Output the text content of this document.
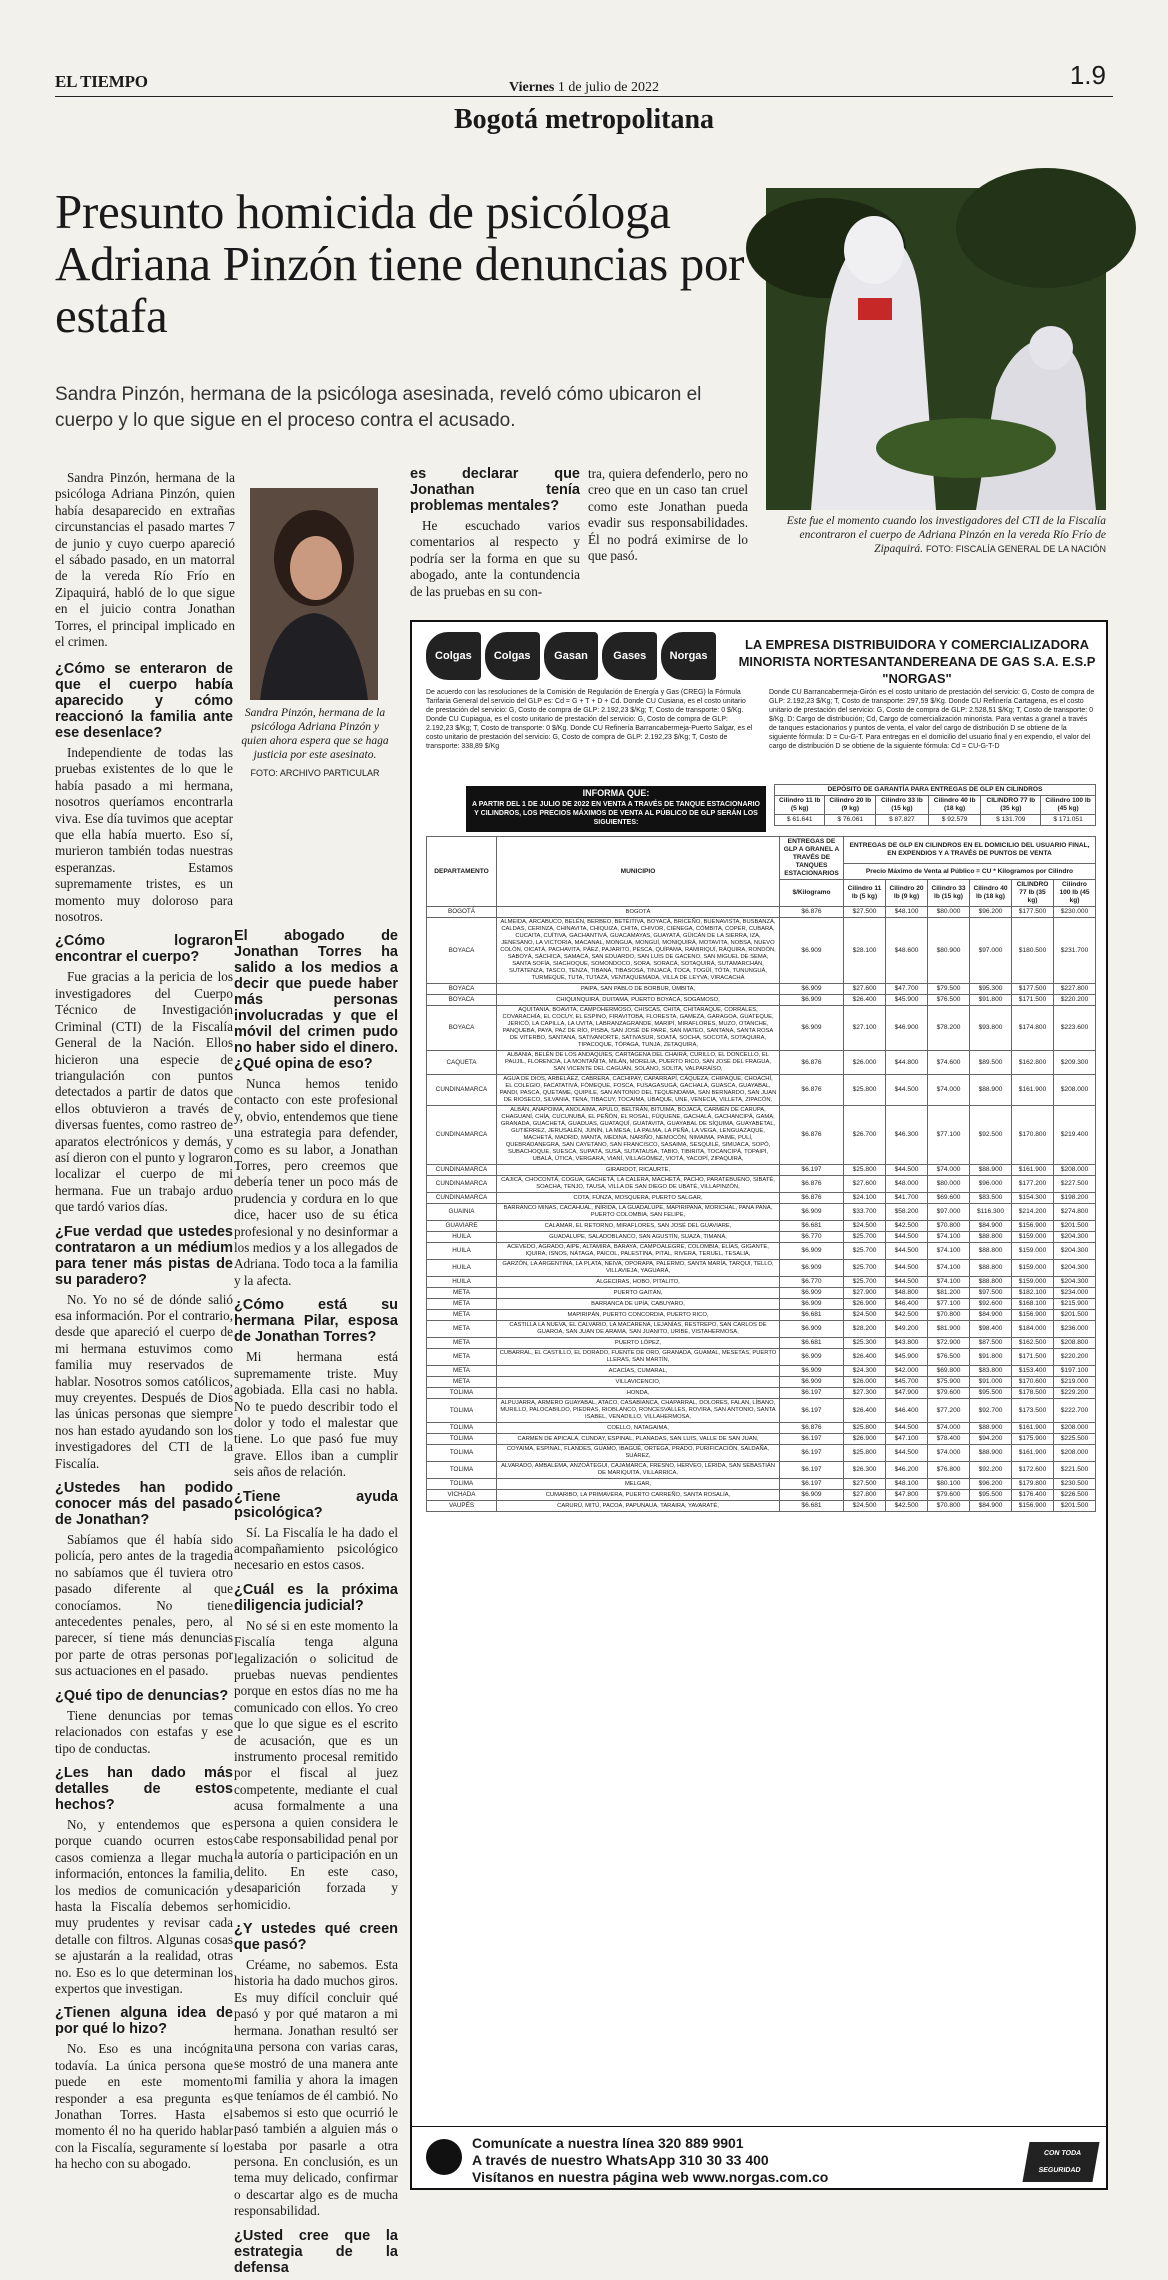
EL TIEMPO	Viernes 1 de julio de 2022	1.9
Bogotá metropolitana
Presunto homicida de psicóloga Adriana Pinzón tiene denuncias por estafa

Sandra Pinzón, hermana de la psicóloga asesinada, reveló cómo ubicaron el cuerpo y lo que sigue en el proceso contra el acusado.

Este fue el momento cuando los investigadores del CTI de la Fiscalía encontraron el cuerpo de Adriana Pinzón en la vereda Río Frío de Zipaquirá. FOTO: FISCALÍA GENERAL DE LA NACIÓN
Sandra Pinzón, hermana de la psicóloga Adriana Pinzón y quien ahora espera que se haga justicia por este asesinato.
FOTO: ARCHIVO PARTICULAR

Sandra Pinzón, hermana de la psicóloga Adriana Pinzón, quien había desaparecido en extrañas circunstancias el pasado martes 7 de junio y cuyo cuerpo apareció el sábado pasado, en un matorral de la vereda Río Frío en Zipaquirá, habló de lo que sigue en el juicio contra Jonathan Torres, el principal implicado en el crimen.

¿Cómo se enteraron de que el cuerpo había aparecido y cómo reaccionó la familia ante ese desenlace?

Independiente de todas las pruebas existentes de lo que le había pasado a mi hermana, nosotros queríamos encontrarla viva. Ese día tuvimos que aceptar que ella había muerto. Eso sí, murieron también todas nuestras esperanzas. Estamos supremamente tristes, es un momento muy doloroso para nosotros.

¿Cómo lograron encontrar el cuerpo?

Fue gracias a la pericia de los investigadores del Cuerpo Técnico de Investigación Criminal (CTI) de la Fiscalía General de la Nación. Ellos hicieron una especie de triangulación con puntos detectados a partir de datos que ellos obtuvieron a través de diversas fuentes, como rastreo de aparatos electrónicos y demás, y así dieron con el punto y lograron localizar el cuerpo de mi hermana. Fue un trabajo arduo que tardó varios días.

¿Fue verdad que ustedes contrataron a un médium para tener más pistas de su paradero?

No. Yo no sé de dónde salió esa información. Por el contrario, desde que apareció el cuerpo de mi hermana estuvimos como familia muy reservados de hablar. Nosotros somos católicos, muy creyentes. Después de Dios las únicas personas que siempre nos han estado ayudando son los investigadores del CTI de la Fiscalía.

¿Ustedes han podido conocer más del pasado de Jonathan?

Sabíamos que él había sido policía, pero antes de la tragedia no sabíamos que él tuviera otro pasado diferente al que conocíamos. No tiene antecedentes penales, pero, al parecer, sí tiene más denuncias por parte de otras personas por sus actuaciones en el pasado.

¿Qué tipo de denuncias?

Tiene denuncias por temas relacionados con estafas y ese tipo de conductas.

¿Les han dado más detalles de estos hechos?

No, y entendemos que es porque cuando ocurren estos casos comienza a llegar mucha información, entonces la familia, los medios de comunicación y hasta la Fiscalía debemos ser muy prudentes y revisar cada detalle con filtros. Algunas cosas se ajustarán a la realidad, otras no. Eso es lo que determinan los expertos que investigan.

¿Tienen alguna idea de por qué lo hizo?

No. Eso es una incógnita todavía. La única persona que puede en este momento responder a esa pregunta es Jonathan Torres. Hasta el momento él no ha querido hablar con la Fiscalía, seguramente sí lo ha hecho con su abogado.

El abogado de Jonathan Torres ha salido a los medios a decir que puede haber más personas involucradas y que el móvil del crimen pudo no haber sido el dinero. ¿Qué opina de eso?

Nunca hemos tenido contacto con este profesional y, obvio, entendemos que tiene una estrategia para defender, como es su labor, a Jonathan Torres, pero creemos que debería tener un poco más de prudencia y cordura en lo que dice, hacer uso de su ética profesional y no desinformar a los medios y a los allegados de Adriana. Todo toca a la familia y la afecta.

¿Cómo está su hermana Pilar, esposa de Jonathan Torres?

Mi hermana está supremamente triste. Muy agobiada. Ella casi no habla. No te puedo describir todo el dolor y todo el malestar que tiene. Lo que pasó fue muy grave. Ellos iban a cumplir seis años de relación.

¿Tiene ayuda psicológica?

Sí. La Fiscalía le ha dado el acompañamiento psicológico necesario en estos casos.

¿Cuál es la próxima diligencia judicial?

No sé si en este momento la Fiscalía tenga alguna legalización o solicitud de pruebas nuevas pendientes porque en estos días no me ha comunicado con ellos. Yo creo que lo que sigue es el escrito de acusación, que es un instrumento procesal remitido por el fiscal al juez competente, mediante el cual acusa formalmente a una persona a quien considera le cabe responsabilidad penal por la autoría o participación en un delito. En este caso, desaparición forzada y homicidio.

¿Y ustedes qué creen que pasó?

Créame, no sabemos. Esta historia ha dado muchos giros. Es muy difícil concluir qué pasó y por qué mataron a mi hermana. Jonathan resultó ser una persona con varias caras, se mostró de una manera ante mi familia y ahora la imagen que teníamos de él cambió. No sabemos si esto que ocurrió le pasó también a alguien más o estaba por pasarle a otra persona. En conclusión, es un tema muy delicado, confirmar o descartar algo es de mucha responsabilidad.

¿Usted cree que la estrategia de la defensa
es declarar que Jonathan tenía problemas mentales?

He escuchado varios comentarios al respecto y podría ser la forma en que su abogado, ante la contundencia de las pruebas en su con-

tra, quiera defenderlo, pero no creo que en un caso tan cruel como este Jonathan pueda evadir sus responsabilidades. Él no podrá eximirse de lo que pasó.

Colgas	Colgas	Gasan	Gases	Norgas
LA EMPRESA DISTRIBUIDORA Y COMERCIALIZADORA MINORISTA NORTESANTANDEREANA DE GAS S.A. E.S.P "NORGAS"
De acuerdo con las resoluciones de la Comisión de Regulación de Energía y Gas (CREG) la Fórmula Tarifaria General del servicio del GLP es: Cd = G + T + D + Cd. Donde CU Cusiana, es el costo unitario de prestación del servicio: G, Costo de compra de GLP: 2.192,23 $/Kg; T, Costo de transporte: 0 $/Kg. Donde CU Cupiagua, es el costo unitario de prestación del servicio: G, Costo de compra de GLP: 2.192,23 $/Kg; T, Costo de transporte: 0 $/Kg. Donde CU Refinería Barrancabermeja-Puerto Salgar, es el costo unitario de prestación del servicio: G, Costo de compra de GLP: 2.192,23 $/Kg; T, Costo de transporte: 338,89 $/Kg
Donde CU Barrancabermeja-Girón es el costo unitario de prestación del servicio: G, Costo de compra de GLP: 2.192,23 $/Kg; T, Costo de transporte: 297,59 $/Kg. Donde CU Refinería Cartagena, es el costo unitario de prestación del servicio: G, Costo de compra de GLP: 2.528,51 $/Kg; T, Costo de transporte: 0 $/Kg. D: Cargo de distribución; Cd, Cargo de comercialización minorista. Para ventas a granel a través de tanques estacionarios y puntos de venta, el valor del cargo de distribución D se obtiene de la siguiente fórmula: D = Cu-G-T. Para entregas en el domicilio del usuario final y en expendio, el valor del cargo de distribución D se obtiene de la siguiente fórmula: Cd = CU-G-T-D
INFORMA QUE:
A PARTIR DEL 1 DE JULIO DE 2022 EN VENTA A TRAVÉS DE TANQUE ESTACIONARIO Y CILINDROS, LOS PRECIOS MÁXIMOS DE VENTA AL PÚBLICO DE GLP SERÁN LOS SIGUIENTES:
DEPÓSITO DE GARANTÍA PARA ENTREGAS DE GLP EN CILINDROS					
Cilindro 11 lb (5 kg)	Cilindro 20 lb (9 kg)	Cilindro 33 lb (15 kg)	Cilindro 40 lb (18 kg)	CILINDRO 77 lb (35 kg)	Cilindro 100 lb (45 kg)
$ 61.641	$ 76.061	$ 87.827	$ 92.579	$ 131.709	$ 171.051
DEPARTAMENTO	MUNICIPIO	ENTREGAS DE GLP A GRANEL A TRAVÉS DE TANQUES ESTACIONARIOS	ENTREGAS DE GLP EN CILINDROS EN EL DOMICILIO DEL USUARIO FINAL, EN EXPENDIOS Y A TRAVÉS DE PUNTOS DE VENTA					
			Precio Máximo de Venta al Público = CU * Kilogramos por Cilindro					
		$/Kilogramo	Cilindro 11 lb (5 kg)	Cilindro 20 lb (9 kg)	Cilindro 33 lb (15 kg)	Cilindro 40 lb (18 kg)	CILINDRO 77 lb (35 kg)	Cilindro 100 lb (45 kg)
BOGOTÁ	BOGOTÁ	$6.876	$27.500	$48.100	$80.000	$96.200	$177.500	$230.000
BOYACA	ALMEIDA, ARCABUCO, BELÉN, BERBEO, BETÉITIVA, BOYACÁ, BRICEÑO, BUENAVISTA, BUSBANZÁ, CALDAS, CERINZA, CHINAVITA, CHIQUIZA, CHITA, CHIVOR, CIÉNEGA, CÓMBITA, COPER, CUBARÁ, CUCAITA, CUÍTIVA, GACHANTIVÁ, GUACAMAYAS, GUAYATÁ, GÜICÁN DE LA SIERRA, IZA, JENESANO, LA VICTORIA, MACANAL, MONGUA, MONGUÍ, MONIQUIRÁ, MOTAVITA, NOBSA, NUEVO COLÓN, OICATÁ, PACHAVITA, PÁEZ, PAJARITO, PESCA, QUÍPAMA, RAMIRIQUÍ, RÁQUIRA, RONDÓN, SABOYÁ, SÁCHICA, SAMACÁ, SAN EDUARDO, SAN LUIS DE GACENO, SAN MIGUEL DE SEMA, SANTA SOFÍA, SIACHOQUE, SOMONDOCO, SORA, SORACÁ, SOTAQUIRÁ, SUTAMARCHÁN, SUTATENZA, TASCO, TENZA, TIBANÁ, TIBASOSA, TINJACÁ, TOCA, TOGÜÍ, TÓTA, TUNUNGUÁ, TURMEQUÉ, TUTA, TUTAZÁ, VENTAQUEMADA, VILLA DE LEYVA, VIRACACHÁ	$6.909	$28.100	$48.600	$80.900	$97.000	$180.500	$231.700
BOYACA	PAIPA, SAN PABLO DE BORBUR, ÚMBITA,	$6.909	$27.600	$47.700	$79.500	$95.300	$177.500	$227.800
BOYACA	CHIQUINQUIRÁ, DUITAMA, PUERTO BOYACÁ, SOGAMOSO,	$6.909	$26.400	$45.900	$76.500	$91.800	$171.500	$220.200
BOYACA	AQUITANIA, BOAVITA, CAMPOHERMOSO, CHISCAS, CHITA, CHITARAQUE, CORRALES, COVARACHÍA, EL COCUY, EL ESPINO, FIRAVITOBA, FLORESTA, GAMEZA, GARAGOA, GUATEQUE, JERICÓ, LA CAPILLA, LA UVITA, LABRANZAGRANDE, MARIPÍ, MIRAFLORES, MUZO, OTANCHE, PANQUEBA, PAYA, PAZ DE RÍO, PISBA, SAN JOSÉ DE PARE, SAN MATEO, SANTANA, SANTA ROSA DE VITERBO, SANTANA, SATIVANORTE, SATIVASUR, SOATÁ, SOCHA, SOCOTÁ, SOTAQUIRA, TIPACOQUE, TÓPAGA, TUNJA, ZETAQUIRA,	$6.909	$27.100	$46.900	$78.200	$93.800	$174.800	$223.600
CAQUETA	ALBANIA, BELÉN DE LOS ANDAQUIES, CARTAGENA DEL CHAIRÁ, CURILLO, EL DONCELLO, EL PAUJIL, FLORENCIA, LA MONTAÑITA, MILÁN, MORELIA, PUERTO RICO, SAN JOSÉ DEL FRAGUA, SAN VICENTE DEL CAGUÁN, SOLANO, SOLITA, VALPARAÍSO,	$6.876	$26.000	$44.800	$74.600	$89.500	$162.800	$209.300
CUNDINAMARCA	AGUA DE DIOS, ARBELÁEZ, CABRERA, CACHIPAY, CAPARRAPÍ, CÁQUEZA, CHIPAQUE, CHOACHÍ, EL COLEGIO, FACATATIVÁ, FÓMEQUE, FOSCA, FUSAGASUGÁ, GACHALÁ, GUASCA, GUAYABAL, PANDI, PASCA, QUETAME, QUIPILE, SAN ANTONIO DEL TEQUENDAMA, SAN BERNARDO, SAN JUAN DE RIOSECO, SILVANIA, TENA, TIBACUY, TOCAIMA, UBAQUE, UNE, VENECIA, VILLETA, ZIPACÓN,	$6.876	$25.800	$44.500	$74.000	$88.900	$161.900	$208.000
CUNDINAMARCA	ALBÁN, ANAPOIMA, ANOLAIMA, APULO, BELTRÁN, BITUIMA, BOJACÁ, CARMEN DE CARUPA, CHAGUANÍ, CHÍA, CUCUNUBÁ, EL PEÑÓN, EL ROSAL, FÚQUENE, GACHALÁ, GACHANCIPÁ, GAMA, GRANADA, GUACHETÁ, GUADUAS, GUATAQUÍ, GUATAVITA, GUAYABAL DE SÍQUIMA, GUAYABETAL, GUTIÉRREZ, JERUSALÉN, JUNÍN, LA MESA, LA PALMA, LA PEÑA, LA VEGA, LENGUAZAQUE, MACHETÁ, MADRID, MANTA, MEDINA, NARIÑO, NEMOCÓN, NIMAIMA, PAIME, PULÍ, QUEBRADANEGRA, SAN CAYETANO, SAN FRANCISCO, SASAIMA, SESQUILÉ, SIMIJACA, SOPÓ, SUBACHOQUE, SUESCA, SUPATÁ, SUSA, SUTATAUSA, TABIO, TIBIRITA, TOCANCIPÁ, TOPAIPÍ, UBALÁ, ÚTICA, VERGARA, VIANÍ, VILLAGÓMEZ, VIOTÁ, YACOPÍ, ZIPAQUIRÁ,	$6.876	$26.700	$46.300	$77.100	$92.500	$170.800	$219.400
CUNDINAMARCA	GIRARDOT, RICAURTE,	$6.197	$25.800	$44.500	$74.000	$88.900	$161.900	$208.000
CUNDINAMARCA	CAJICÁ, CHOCONTÁ, COGUA, GACHETÁ, LA CALERA, MACHETÁ, PACHO, PARATEBUENO, SIBATÉ, SOACHA, TENJO, TAUSA, VILLA DE SAN DIEGO DE UBATÉ, VILLAPINZÓN,	$6.876	$27.600	$48.000	$80.000	$96.000	$177.200	$227.500
CUNDINAMARCA	COTA, FÚNZA, MOSQUERA, PUERTO SALGAR,	$6.876	$24.100	$41.700	$69.600	$83.500	$154.300	$198.200
GUAINIA	BARRANCO MINAS, CACAHUAL, INÍRIDA, LA GUADALUPE, MAPIRIPANA, MORICHAL, PANA PANA, PUERTO COLOMBIA, SAN FELIPE,	$6.909	$33.700	$58.200	$97.000	$116.300	$214.200	$274.800
GUAVIARE	CALAMAR, EL RETORNO, MIRAFLORES, SAN JOSÉ DEL GUAVIARE,	$6.681	$24.500	$42.500	$70.800	$84.900	$156.900	$201.500
HUILA	GUADALUPE, SALADOBLANCO, SAN AGUSTÍN, SUAZA, TIMANÁ,	$6.770	$25.700	$44.500	$74.100	$88.800	$159.000	$204.300
HUILA	ACEVEDO, AGRADO, AIPE, ALTAMIRA, BARAYA, CAMPOALEGRE, COLOMBIA, ELÍAS, GIGANTE, IQUIRA, ISNOS, NÁTAGA, PAICOL, PALESTINA, PITAL, RIVERA, TERUEL, TESALIA,	$6.909	$25.700	$44.500	$74.100	$88.800	$159.000	$204.300
HUILA	GARZÓN, LA ARGENTINA, LA PLATA, NEIVA, OPORAPA, PALERMO, SANTA MARÍA, TARQUI, TELLO, VILLAVIEJA, YAGUARÁ,	$6.909	$25.700	$44.500	$74.100	$88.800	$159.000	$204.300
HUILA	ALGECIRAS, HOBO, PITALITO,	$6.770	$25.700	$44.500	$74.100	$88.800	$159.000	$204.300
META	PUERTO GAITÁN,	$6.909	$27.900	$48.800	$81.200	$97.500	$182.100	$234.000
META	BARRANCA DE UPÍA, CABUYARO,	$6.909	$26.900	$46.400	$77.100	$92.600	$168.100	$215.900
META	MAPIRIPÁN, PUERTO CONCORDIA, PUERTO RICO,	$6.681	$24.500	$42.500	$70.800	$84.900	$156.900	$201.500
META	CASTILLA LA NUEVA, EL CALVARIO, LA MACARENA, LEJANÍAS, RESTREPO, SAN CARLOS DE GUAROA, SAN JUAN DE ARAMA, SAN JUANITO, URIBE, VISTAHERMOSA,	$6.909	$28.200	$49.200	$81.900	$98.400	$184.000	$236.000
META	PUERTO LÓPEZ,	$6.681	$25.300	$43.800	$72.900	$87.500	$162.500	$208.800
META	CUBARRAL, EL CASTILLO, EL DORADO, FUENTE DE ORO, GRANADA, GUAMAL, MESETAS, PUERTO LLERAS, SAN MARTÍN,	$6.909	$26.400	$45.900	$76.500	$91.800	$171.500	$220.200
META	ACACÍAS, CUMARAL,	$6.909	$24.300	$42.000	$69.800	$83.800	$153.400	$197.100
META	VILLAVICENCIO,	$6.909	$26.000	$45.700	$75.900	$91.000	$170.600	$219.000
TOLIMA	HONDA,	$6.197	$27.300	$47.900	$79.600	$95.500	$178.500	$229.200
TOLIMA	ALPUJARRA, ARMERO GUAYABAL, ATACO, CASABIANCA, CHAPARRAL, DOLORES, FALAN, LÍBANO, MURILLO, PALOCABILDO, PIEDRAS, RIOBLANCO, RONCESVALLES, ROVIRA, SAN ANTONIO, SANTA ISABEL, VENADILLO, VILLAHERMOSA,	$6.197	$26.400	$46.400	$77.200	$92.700	$173.500	$222.700
TOLIMA	COELLO, NATAGAIMA,	$6.876	$25.800	$44.500	$74.000	$88.900	$161.900	$208.000
TOLIMA	CARMEN DE APICALÁ, CUNDAY, ESPINAL, PLANADAS, SAN LUIS, VALLE DE SAN JUAN,	$6.197	$26.900	$47.100	$78.400	$94.200	$175.900	$225.500
TOLIMA	COYAIMA, ESPINAL, FLANDES, GUAMO, IBAGUÉ, ORTEGA, PRADO, PURIFICACIÓN, SALDAÑA, SUÁREZ,	$6.197	$25.800	$44.500	$74.000	$88.900	$161.900	$208.000
TOLIMA	ALVARADO, AMBALEMA, ANZOÁTEGUI, CAJAMARCA, FRESNO, HERVEO, LÉRIDA, SAN SEBASTIÁN DE MARIQUITA, VILLARRICA,	$6.197	$26.300	$46.200	$76.800	$92.200	$172.600	$221.500
TOLIMA	MELGAR,	$6.197	$27.500	$48.100	$80.100	$96.200	$179.800	$230.500
VICHADA	CUMARIBO, LA PRIMAVERA, PUERTO CARREÑO, SANTA ROSALÍA,	$6.909	$27.800	$47.800	$79.600	$95.500	$176.400	$226.500
VAUPÉS	CARURÚ, MITÚ, PACOA, PAPUNAUA, TARAIRA, YAVARATÉ,	$6.681	$24.500	$42.500	$70.800	$84.900	$156.900	$201.500
Comunícate a nuestra línea 320 889 9901
A través de nuestro WhatsApp 310 30 33 400
Visítanos en nuestra página web www.norgas.com.co
CON TODA SEGURIDAD
